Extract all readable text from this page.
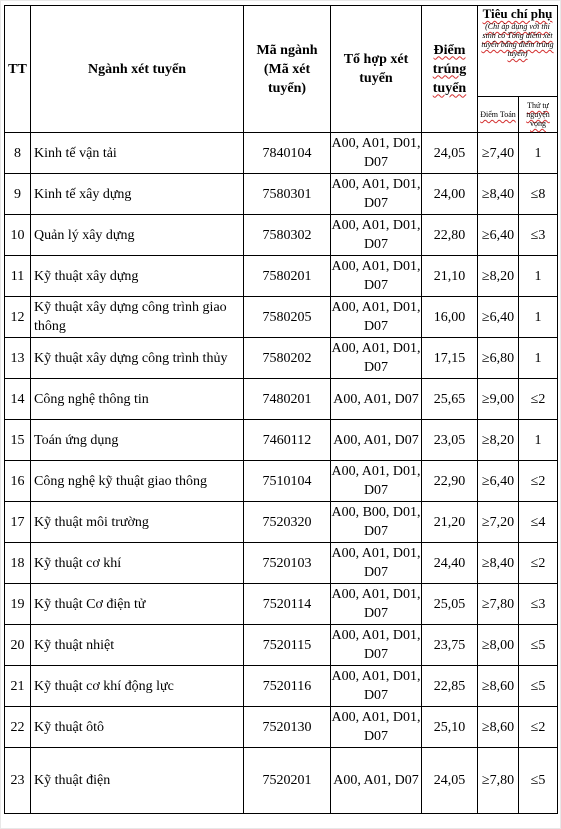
TT	Ngành xét tuyển	Mã ngành (Mã xét tuyển)	Tổ hợp xét tuyển	Điểm trúng tuyển	Tiêu chí phụ
(Chỉ áp dụng với thí sinh có Tổng điểm xét tuyển bằng điểm trúng tuyển)	

					Điểm Toán	Thứ tự nguyện vọng
8	Kinh tế vận tải	7840104	A00, A01, D01, D07	24,05	≥7,40	1
9	Kinh tế xây dựng	7580301	A00, A01, D01, D07	24,00	≥8,40	≤8
10	Quản lý xây dựng	7580302	A00, A01, D01, D07	22,80	≥6,40	≤3
11	Kỹ thuật xây dựng	7580201	A00, A01, D01, D07	21,10	≥8,20	1
12	Kỹ thuật xây dựng công trình giao thông	7580205	A00, A01, D01, D07	16,00	≥6,40	1
13	Kỹ thuật xây dựng công trình thủy	7580202	A00, A01, D01, D07	17,15	≥6,80	1
14	Công nghệ thông tin	7480201	A00, A01, D07	25,65	≥9,00	≤2
15	Toán ứng dụng	7460112	A00, A01, D07	23,05	≥8,20	1
16	Công nghệ kỹ thuật giao thông	7510104	A00, A01, D01, D07	22,90	≥6,40	≤2
17	Kỹ thuật môi trường	7520320	A00, B00, D01, D07	21,20	≥7,20	≤4
18	Kỹ thuật cơ khí	7520103	A00, A01, D01, D07	24,40	≥8,40	≤2
19	Kỹ thuật Cơ điện tử	7520114	A00, A01, D01, D07	25,05	≥7,80	≤3
20	Kỹ thuật nhiệt	7520115	A00, A01, D01, D07	23,75	≥8,00	≤5
21	Kỹ thuật cơ khí động lực	7520116	A00, A01, D01, D07	22,85	≥8,60	≤5
22	Kỹ thuật ôtô	7520130	A00, A01, D01, D07	25,10	≥8,60	≤2
23	Kỹ thuật điện	7520201	A00, A01, D07	24,05	≥7,80	≤5
